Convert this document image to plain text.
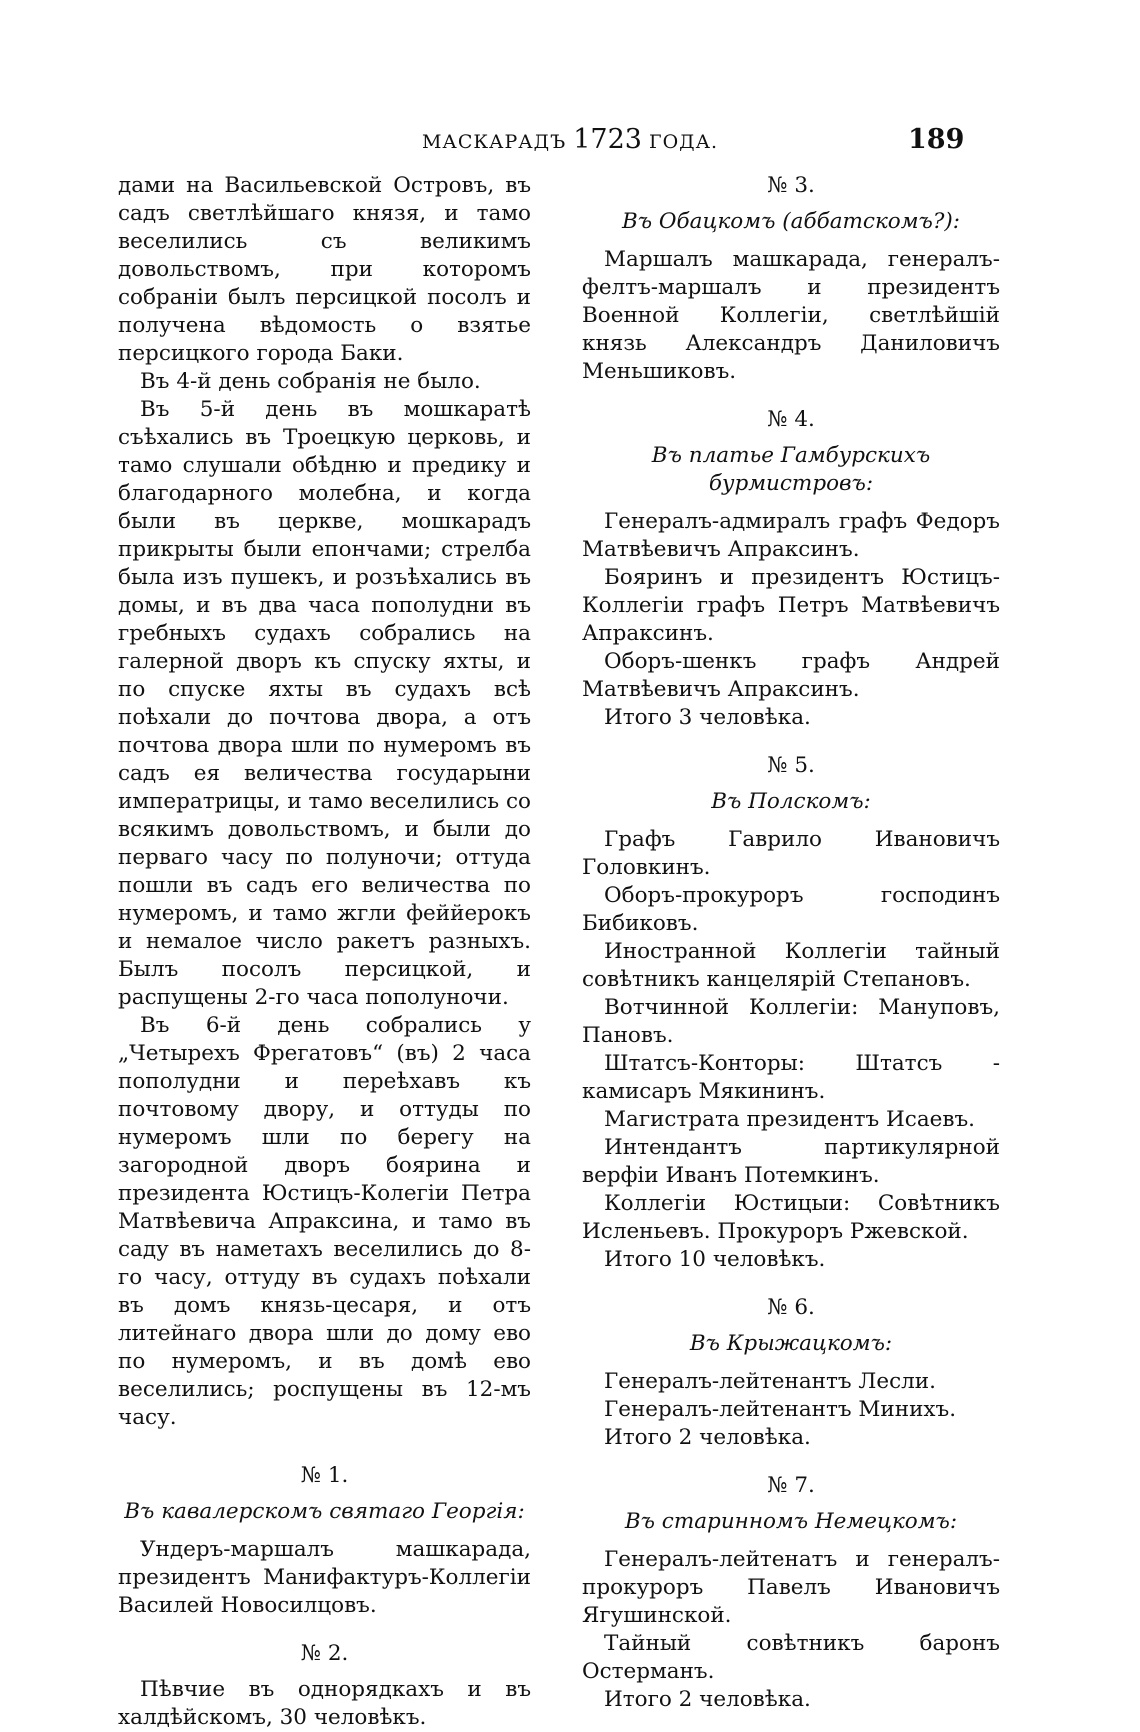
МАСКАРАДЪ 1723 ГОДА.	189

дами на Васильевской Островъ, въ садъ светлѣйшаго князя, и тамо веселились съ великимъ довольствомъ, при которомъ собраніи былъ персицкой посолъ и получена вѣдомость о взятье персицкого города Баки.

Въ 4-й день собранія не было.

Въ 5-й день въ мошкаратѣ съѣхались въ Троецкую церковь, и тамо слушали обѣдню и предику и благодарного молебна, и когда были въ церкве, мошкарадъ прикрыты были епончами; стрелба была изъ пушекъ, и розъѣхались въ домы, и въ два часа пополудни въ гребныхъ судахъ собрались на галерной дворъ къ спуску яхты, и по спуске яхты въ судахъ всѣ поѣхали до почтова двора, а отъ почтова двора шли по нумеромъ въ садъ ея величества государыни императрицы, и тамо веселились со всякимъ довольствомъ, и были до перваго часу по полуночи; оттуда пошли въ садъ его величества по нумеромъ, и тамо жгли феййерокъ и немалое число ракетъ разныхъ. Былъ посолъ персицкой, и распущены 2-го часа пополуночи.

Въ 6-й день собрались у „Четырехъ Фрегатовъ“ (въ) 2 часа пополудни и переѣхавъ къ почтовому двору, и оттуды по нумеромъ шли по берегу на загородной дворъ боярина и президента Юстицъ-Колегіи Петра Матвѣевича Апраксина, и тамо въ саду въ наметахъ веселились до 8-го часу, оттуду въ судахъ поѣхали въ домъ князь-цесаря, и отъ литейнаго двора шли до дому ево по нумеромъ, и въ домѣ ево веселились; роспущены въ 12-мъ часу.

№ 1.
Въ кавалерскомъ святаго Георгія:

Ундеръ-маршалъ машкарада, президентъ Манифактуръ-Коллегіи Василей Новосилцовъ.

№ 2.

Пѣвчие въ однорядкахъ и въ халдѣйскомъ, 30 человѣкъ.

№ 3.
Въ Обацкомъ (аббатскомъ?):

Маршалъ машкарада, генералъ-фелтъ-маршалъ и президентъ Военной Коллегіи, светлѣйшій князь Александръ Даниловичъ Меньшиковъ.

№ 4.
Въ платье Гамбурскихъ бурмистровъ:

Генералъ-адмиралъ графъ Федоръ Матвѣевичъ Апраксинъ.

Бояринъ и президентъ Юстицъ-Коллегіи графъ Петръ Матвѣевичъ Апраксинъ.

Оборъ-шенкъ графъ Андрей Матвѣевичъ Апраксинъ.

Итого 3 человѣка.

№ 5.
Въ Полскомъ:

Графъ Гаврило Ивановичъ Головкинъ.

Оборъ-прокуроръ господинъ Бибиковъ.

Иностранной Коллегіи тайный совѣтникъ канцелярій Степановъ.

Вотчинной Коллегіи: Мануповъ, Пановъ.

Штатсъ-Конторы: Штатсъ - камисаръ Мякининъ.

Магистрата президентъ Исаевъ.

Интендантъ партикулярной верфіи Иванъ Потемкинъ.

Коллегіи Юстицыи: Совѣтникъ Исленьевъ. Прокуроръ Ржевской.

Итого 10 человѣкъ.

№ 6.
Въ Крыжацкомъ:

Генералъ-лейтенантъ Лесли.

Генералъ-лейтенантъ Минихъ.

Итого 2 человѣка.

№ 7.
Въ старинномъ Немецкомъ:

Генералъ-лейтенатъ и генералъ-прокуроръ Павелъ Ивановичъ Ягушинской.

Тайный совѣтникъ баронъ Остерманъ.

Итого 2 человѣка.
